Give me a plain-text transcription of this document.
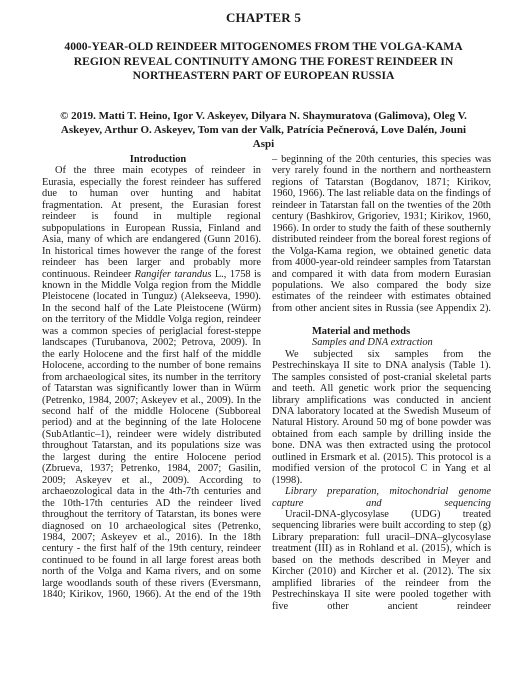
CHAPTER 5
4000-YEAR-OLD REINDEER MITOGENOMES FROM THE VOLGA-KAMA REGION REVEAL CONTINUITY AMONG THE FOREST REINDEER IN NORTHEASTERN PART OF EUROPEAN RUSSIA
© 2019. Matti T. Heino, Igor V. Askeyev, Dilyara N. Shaymuratova (Galimova), Oleg V. Askeyev, Arthur O. Askeyev, Tom van der Valk, Patrícia Pečnerová, Love Dalén, Jouni Aspi

Introduction

Of the three main ecotypes of reindeer in Eurasia, especially the forest reindeer has suffered due to human over hunting and habitat fragmentation. At present, the Eurasian forest reindeer is found in multiple regional subpopulations in European Russia, Finland and Asia, many of which are endangered (Gunn 2016). In historical times however the range of the forest reindeer has been larger and probably more continuous. Reindeer Rangifer tarandus L., 1758 is known in the Middle Volga region from the Middle Pleistocene (located in Tunguz) (Alekseeva, 1990). In the second half of the Late Pleistocene (Würm) on the territory of the Middle Volga region, reindeer was a common species of periglacial forest-steppe landscapes (Turubanova, 2002; Petrova, 2009). In the early Holocene and the first half of the middle Holocene, according to the number of bone remains from archaeological sites, its number in the territory of Tatarstan was significantly lower than in Würm (Petrenko, 1984, 2007; Askeyev et al., 2009). In the second half of the middle Holocene (Subboreal period) and at the beginning of the late Holocene (SubAtlantic–1), reindeer were widely distributed throughout Tatarstan, and its populations size was the largest during the entire Holocene period (Zbrueva, 1937; Petrenko, 1984, 2007; Gasilin, 2009; Askeyev et al., 2009). According to archaeozological data in the 4th-7th centuries and the 10th-17th centuries AD the reindeer lived throughout the territory of Tatarstan, its bones were diagnosed on 10 archaeological sites (Petrenko, 1984, 2007; Askeyev et al., 2016). In the 18th century - the first half of the 19th century, reindeer continued to be found in all large forest areas both north of the Volga and Kama rivers, and on some large woodlands south of these rivers (Eversmann, 1840; Kirikov, 1960, 1966). At the end of the 19th

– beginning of the 20th centuries, this species was very rarely found in the northern and northeastern regions of Tatarstan (Bogdanov, 1871; Kirikov, 1960, 1966). The last reliable data on the findings of reindeer in Tatarstan fall on the twenties of the 20th century (Bashkirov, Grigoriev, 1931; Kirikov, 1960, 1966). In order to study the faith of these southernly distributed reindeer from the boreal forest regions of the Volga-Kama region, we obtained genetic data from 4000-year-old reindeer samples from Tatarstan and compared it with data from modern Eurasian populations. We also compared the body size estimates of the reindeer with estimates obtained from other ancient sites in Russia (see Appendix 2).

Material and methods

Samples and DNA extraction

We subjected six samples from the Pestrechinskaya II site to DNA analysis (Table 1). The samples consisted of post-cranial skeletal parts and teeth. All genetic work prior the sequencing library amplifications was conducted in ancient DNA laboratory located at the Swedish Museum of Natural History. Around 50 mg of bone powder was obtained from each sample by drilling inside the bone. DNA was then extracted using the protocol outlined in Ersmark et al. (2015). This protocol is a modified version of the protocol C in Yang et al (1998).

Library preparation, mitochondrial genome capture and sequencing

Uracil-DNA-glycosylase (UDG) treated sequencing libraries were built according to step (g) Library preparation: full uracil–DNA–glycosylase treatment (III) as in Rohland et al. (2015), which is based on the methods described in Meyer and Kircher (2010) and Kircher et al. (2012). The six amplified libraries of the reindeer from the Pestrechinskaya II site were pooled together with five other ancient reindeer
